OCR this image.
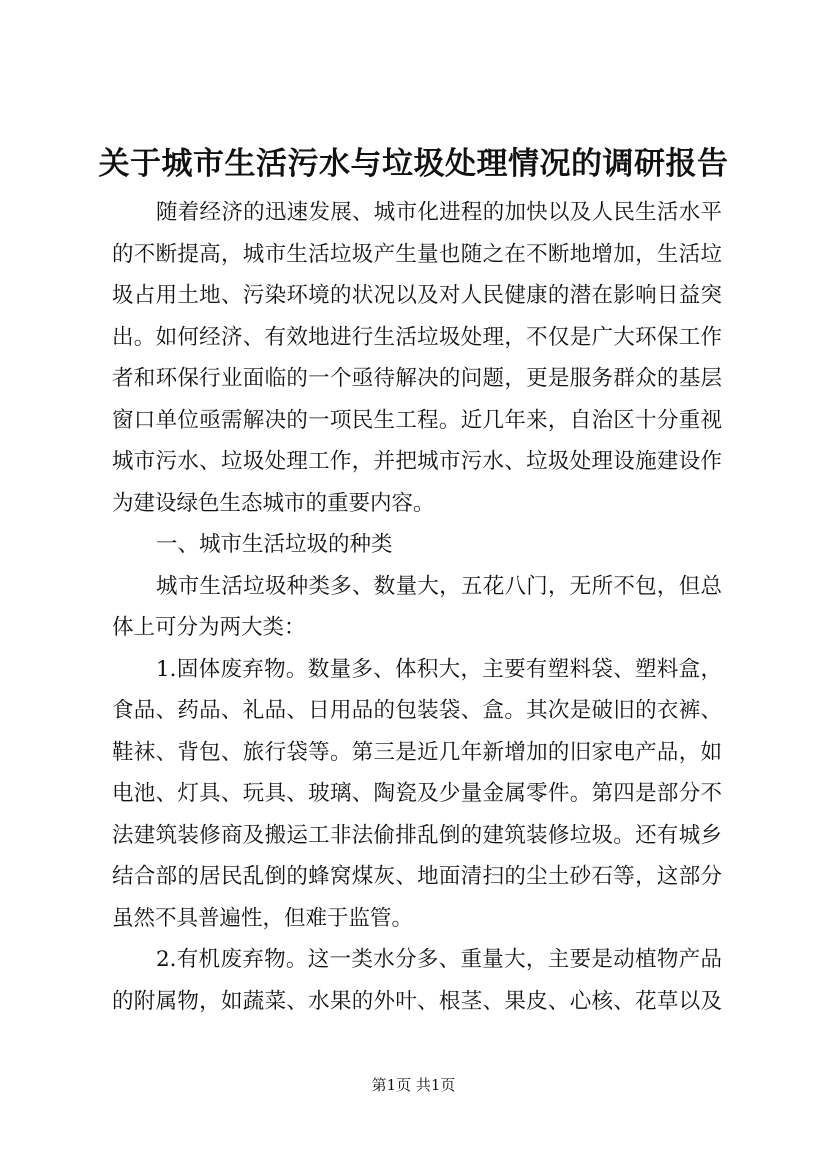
关于城市生活污水与垃圾处理情况的调研报告
随着经济的迅速发展、城市化进程的加快以及人民生活水平
的不断提高，城市生活垃圾产生量也随之在不断地增加，生活垃
圾占用土地、污染环境的状况以及对人民健康的潜在影响日益突
出。如何经济、有效地进行生活垃圾处理，不仅是广大环保工作
者和环保行业面临的一个亟待解决的问题，更是服务群众的基层
窗口单位亟需解决的一项民生工程。近几年来，自治区十分重视
城市污水、垃圾处理工作，并把城市污水、垃圾处理设施建设作
为建设绿色生态城市的重要内容。
一、城市生活垃圾的种类
城市生活垃圾种类多、数量大，五花八门，无所不包，但总
体上可分为两大类：
1.固体废弃物。数量多、体积大，主要有塑料袋、塑料盒，
食品、药品、礼品、日用品的包装袋、盒。其次是破旧的衣裤、
鞋袜、背包、旅行袋等。第三是近几年新增加的旧家电产品，如
电池、灯具、玩具、玻璃、陶瓷及少量金属零件。第四是部分不
法建筑装修商及搬运工非法偷排乱倒的建筑装修垃圾。还有城乡
结合部的居民乱倒的蜂窝煤灰、地面清扫的尘土砂石等，这部分
虽然不具普遍性，但难于监管。
2.有机废弃物。这一类水分多、重量大，主要是动植物产品
的附属物，如蔬菜、水果的外叶、根茎、果皮、心核、花草以及
第1页 共1页
